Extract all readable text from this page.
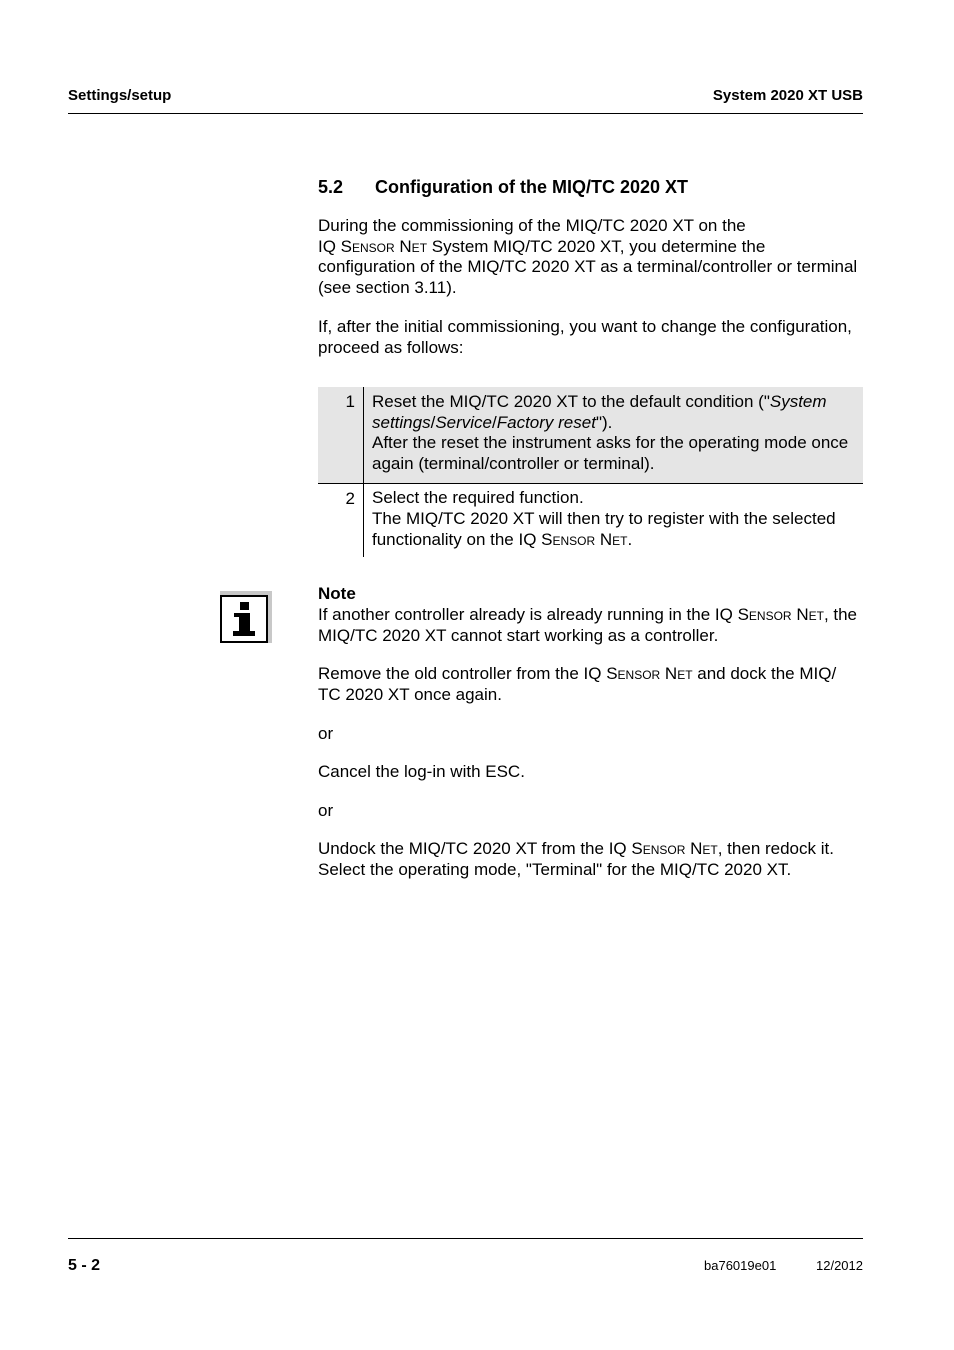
Settings/setup	System 2020 XT USB
5.2 Configuration of the MIQ/TC 2020 XT

During the commissioning of the MIQ/TC 2020 XT on the
IQ Sensor Net System MIQ/TC 2020 XT, you determine the configuration of the MIQ/TC 2020 XT as a terminal/controller or terminal (see section 3.11).

If, after the initial commissioning, you want to change the configuration, proceed as follows:

1	Reset the MIQ/TC 2020 XT to the default condition ("System settings/Service/Factory reset").
After the reset the instrument asks for the operating mode once again (terminal/controller or terminal).
2	Select the required function.
The MIQ/TC 2020 XT will then try to register with the selected functionality on the IQ Sensor Net.

Note

If another controller already is already running in the IQ Sensor Net, the MIQ/TC 2020 XT cannot start working as a controller.

Remove the old controller from the IQ Sensor Net and dock the MIQ/ TC 2020 XT once again.

or

Cancel the log-in with ESC.

or

Undock the MIQ/TC 2020 XT from the IQ Sensor Net, then redock it. Select the operating mode, "Terminal" for the MIQ/TC 2020 XT.

5 - 2	ba76019e01	12/2012
